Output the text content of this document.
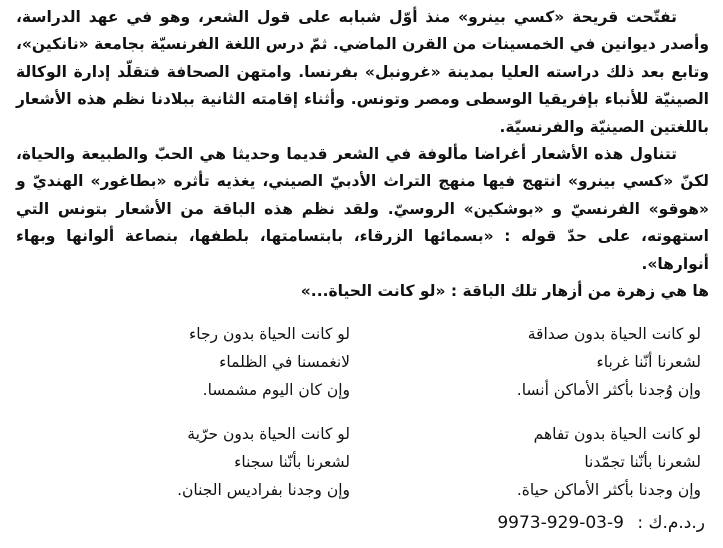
تفتّحت قريحة «كسي بينرو» منذ أوّل شبابه على قول الشعر، وهو في عهد الدراسة، وأصدر ديوانين في الخمسينات من القرن الماضي. ثمّ درس اللغة الفرنسيّة بجامعة «نانكين»، وتابع بعد ذلك دراسته العليا بمدينة «غرونبل» بفرنسا. وامتهن الصحافة فتقلّد إدارة الوكالة الصينيّة للأنباء بإفريقيا الوسطى ومصر وتونس. وأثناء إقامته الثانية ببلادنا نظم هذه الأشعار باللغتين الصينيّة والفرنسيّة.

تتناول هذه الأشعار أغراضا مألوفة في الشعر قديما وحديثا هي الحبّ والطبيعة والحياة، لكنّ «كسي بينرو» انتهج فيها منهج التراث الأدبيّ الصيني، يغذيه تأثره «بطاغور» الهنديّ و «هوقو» الفرنسيّ و «بوشكين» الروسيّ. ولقد نظم هذه الباقة من الأشعار بتونس التي استهوته، على حدّ قوله : «بسمائها الزرقاء، بابتسامتها، بلطفها، بنصاعة ألوانها وبهاء أنوارها».

ها هي زهرة من أزهار تلك الباقة : «لو كانت الحياة...»

لو كانت الحياة بدون صداقة
لشعرنا أنّنا غرباء
وإن وُجدنا بأكثر الأماكن أنسا.
لو كانت الحياة بدون رجاء
لانغمسنا في الظلماء
وإن كان اليوم مشمسا.
لو كانت الحياة بدون تفاهم
لشعرنا بأنّنا تجمّدنا
وإن وجدنا بأكثر الأماكن حياة.
لو كانت الحياة بدون حرّية
لشعرنا بأنّنا سجناء
وإن وجدنا بفراديس الجنان.
ر.د.م.ك : 9973-929-03-9
